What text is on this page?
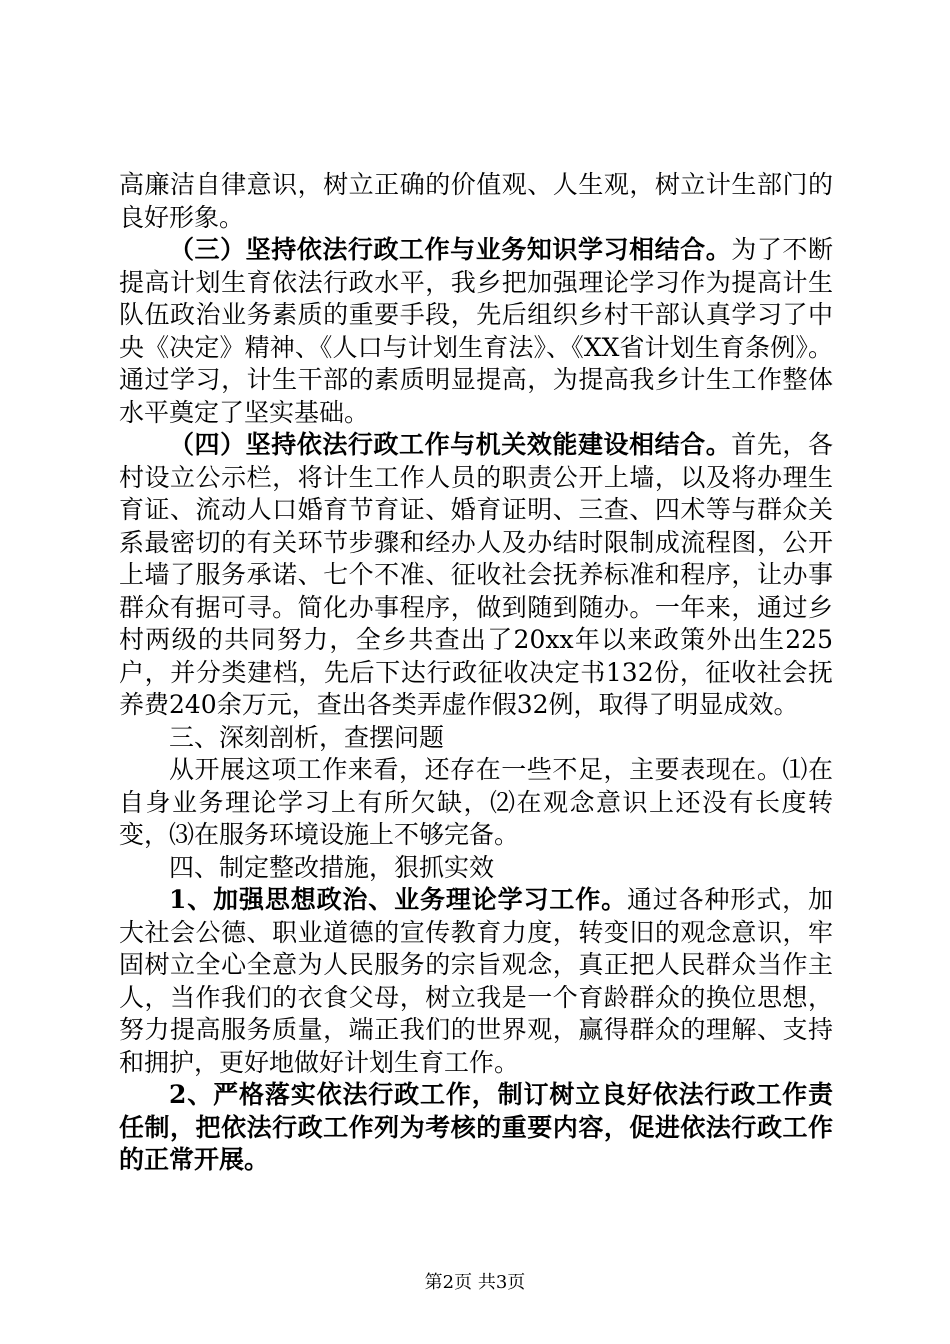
高廉洁自律意识，树立正确的价值观、人生观，树立计生部门的良好形象。

（三）坚持依法行政工作与业务知识学习相结合。为了不断提高计划生育依法行政水平，我乡把加强理论学习作为提高计生队伍政治业务素质的重要手段，先后组织乡村干部认真学习了中央《决定》精神、《人口与计划生育法》、《XX省计划生育条例》。通过学习，计生干部的素质明显提高，为提高我乡计生工作整体水平奠定了坚实基础。

（四）坚持依法行政工作与机关效能建设相结合。首先，各村设立公示栏，将计生工作人员的职责公开上墙，以及将办理生育证、流动人口婚育节育证、婚育证明、三查、四术等与群众关系最密切的有关环节步骤和经办人及办结时限制成流程图，公开上墙了服务承诺、七个不准、征收社会抚养标准和程序，让办事群众有据可寻。简化办事程序，做到随到随办。一年来，通过乡村两级的共同努力，全乡共查出了20xx年以来政策外出生225户，并分类建档，先后下达行政征收决定书132份，征收社会抚养费240余万元，查出各类弄虚作假32例，取得了明显成效。

三、深刻剖析，查摆问题

从开展这项工作来看，还存在一些不足，主要表现在。⑴在自身业务理论学习上有所欠缺，⑵在观念意识上还没有长度转变，⑶在服务环境设施上不够完备。

四、制定整改措施，狠抓实效

1、加强思想政治、业务理论学习工作。通过各种形式，加大社会公德、职业道德的宣传教育力度，转变旧的观念意识，牢固树立全心全意为人民服务的宗旨观念，真正把人民群众当作主人，当作我们的衣食父母，树立我是一个育龄群众的换位思想，努力提高服务质量，端正我们的世界观，赢得群众的理解、支持和拥护，更好地做好计划生育工作。

2、严格落实依法行政工作，制订树立良好依法行政工作责任制，把依法行政工作列为考核的重要内容，促进依法行政工作的正常开展。

第2页 共3页
